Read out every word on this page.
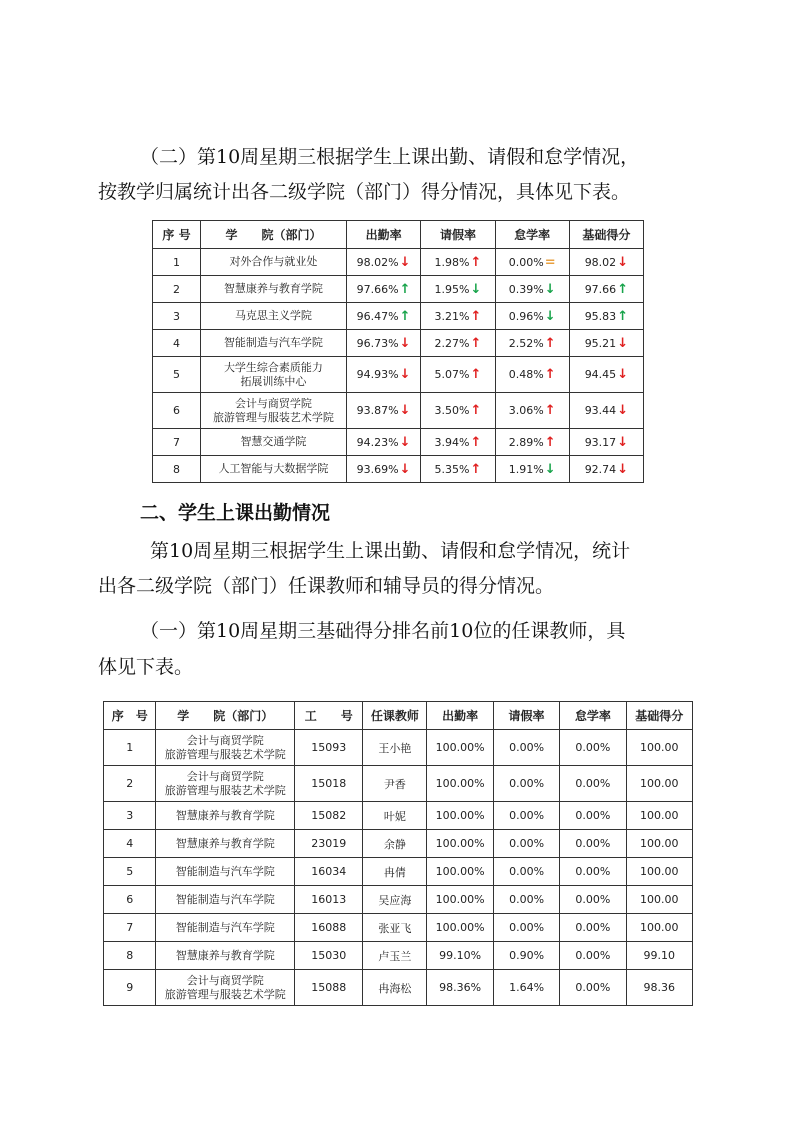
（二）第10周星期三根据学生上课出勤、请假和怠学情况，
按教学归属统计出各二级学院（部门）得分情况，具体见下表。
序 号	学　　院（部门）	出勤率	请假率	怠学率	基础得分
1	对外合作与就业处	98.02%↓	1.98%↑	0.00%=	98.02↓
2	智慧康养与教育学院	97.66%↑	1.95%↓	0.39%↓	97.66↑
3	马克思主义学院	96.47%↑	3.21%↑	0.96%↓	95.83↑
4	智能制造与汽车学院	96.73%↓	2.27%↑	2.52%↑	95.21↓
5	大学生综合素质能力
拓展训练中心	94.93%↓	5.07%↑	0.48%↑	94.45↓
6	会计与商贸学院
旅游管理与服装艺术学院	93.87%↓	3.50%↑	3.06%↑	93.44↓
7	智慧交通学院	94.23%↓	3.94%↑	2.89%↑	93.17↓
8	人工智能与大数据学院	93.69%↓	5.35%↑	1.91%↓	92.74↓
二、学生上课出勤情况
第10周星期三根据学生上课出勤、请假和怠学情况，统计
出各二级学院（部门）任课教师和辅导员的得分情况。
（一）第10周星期三基础得分排名前10位的任课教师，具
体见下表。
序　号	学　　院（部门）	工　　号	任课教师	出勤率	请假率	怠学率	基础得分
1	会计与商贸学院
旅游管理与服装艺术学院	15093	王小艳	100.00%	0.00%	0.00%	100.00
2	会计与商贸学院
旅游管理与服装艺术学院	15018	尹香	100.00%	0.00%	0.00%	100.00
3	智慧康养与教育学院	15082	叶妮	100.00%	0.00%	0.00%	100.00
4	智慧康养与教育学院	23019	余静	100.00%	0.00%	0.00%	100.00
5	智能制造与汽车学院	16034	冉倩	100.00%	0.00%	0.00%	100.00
6	智能制造与汽车学院	16013	吴应海	100.00%	0.00%	0.00%	100.00
7	智能制造与汽车学院	16088	张亚飞	100.00%	0.00%	0.00%	100.00
8	智慧康养与教育学院	15030	卢玉兰	99.10%	0.90%	0.00%	99.10
9	会计与商贸学院
旅游管理与服装艺术学院	15088	冉海松	98.36%	1.64%	0.00%	98.36
